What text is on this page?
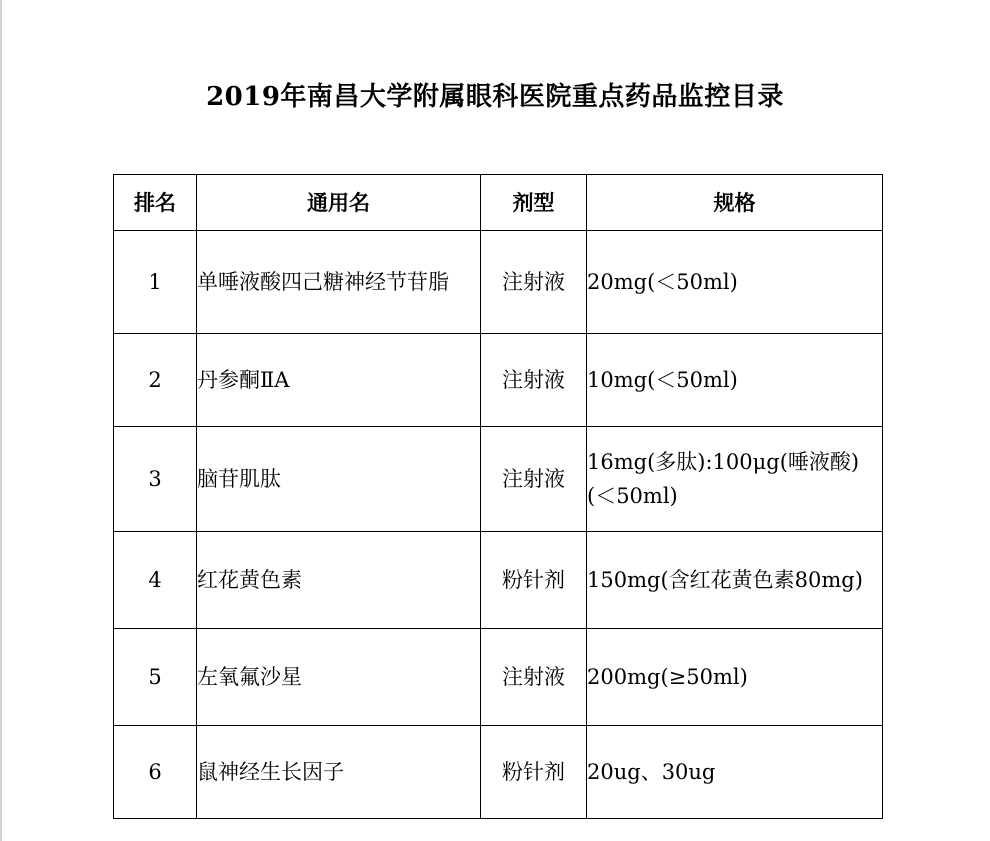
2019年南昌大学附属眼科医院重点药品监控目录
排名	通用名	剂型	规格
1	单唾液酸四己糖神经节苷脂	注射液	20mg(＜50ml)
2	丹参酮ⅡA	注射液	10mg(＜50ml)
3	脑苷肌肽	注射液	16mg(多肽):100μg(唾液酸)(＜50ml)
4	红花黄色素	粉针剂	150mg(含红花黄色素80mg)
5	左氧氟沙星	注射液	200mg(≥50ml)
6	鼠神经生长因子	粉针剂	20ug、30ug
